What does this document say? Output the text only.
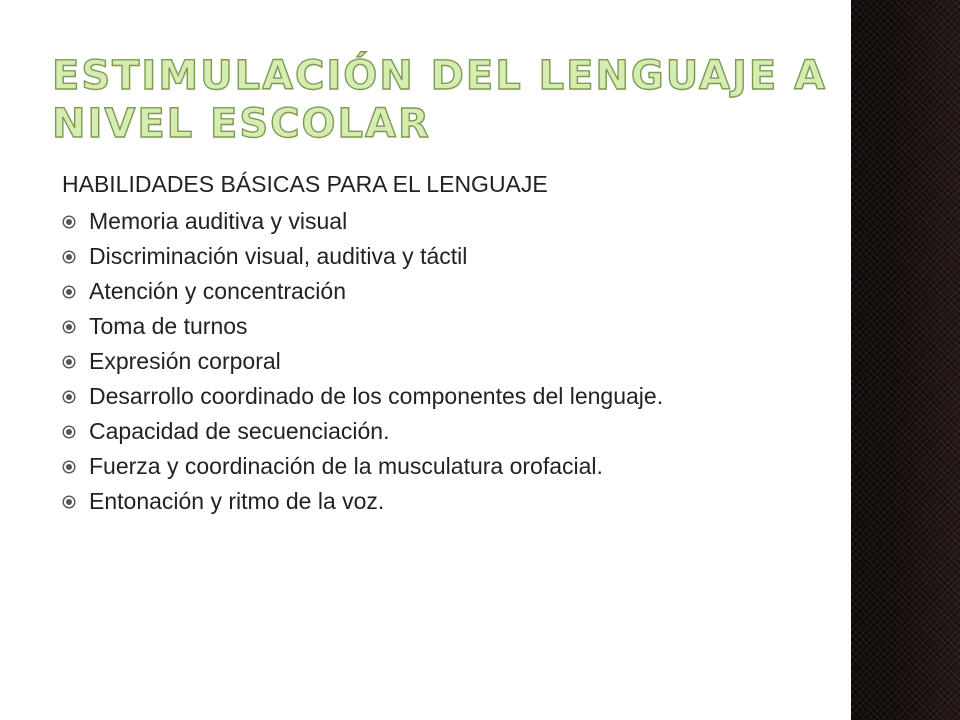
ESTIMULACIÓN DEL LENGUAJE A NIVEL ESCOLAR

HABILIDADES BÁSICAS PARA EL LENGUAJE

Memoria auditiva y visual
Discriminación visual, auditiva y táctil
Atención y concentración
Toma de turnos
Expresión corporal
Desarrollo coordinado de los componentes del lenguaje.
Capacidad de secuenciación.
Fuerza y coordinación de la musculatura orofacial.
Entonación y ritmo de la voz.
